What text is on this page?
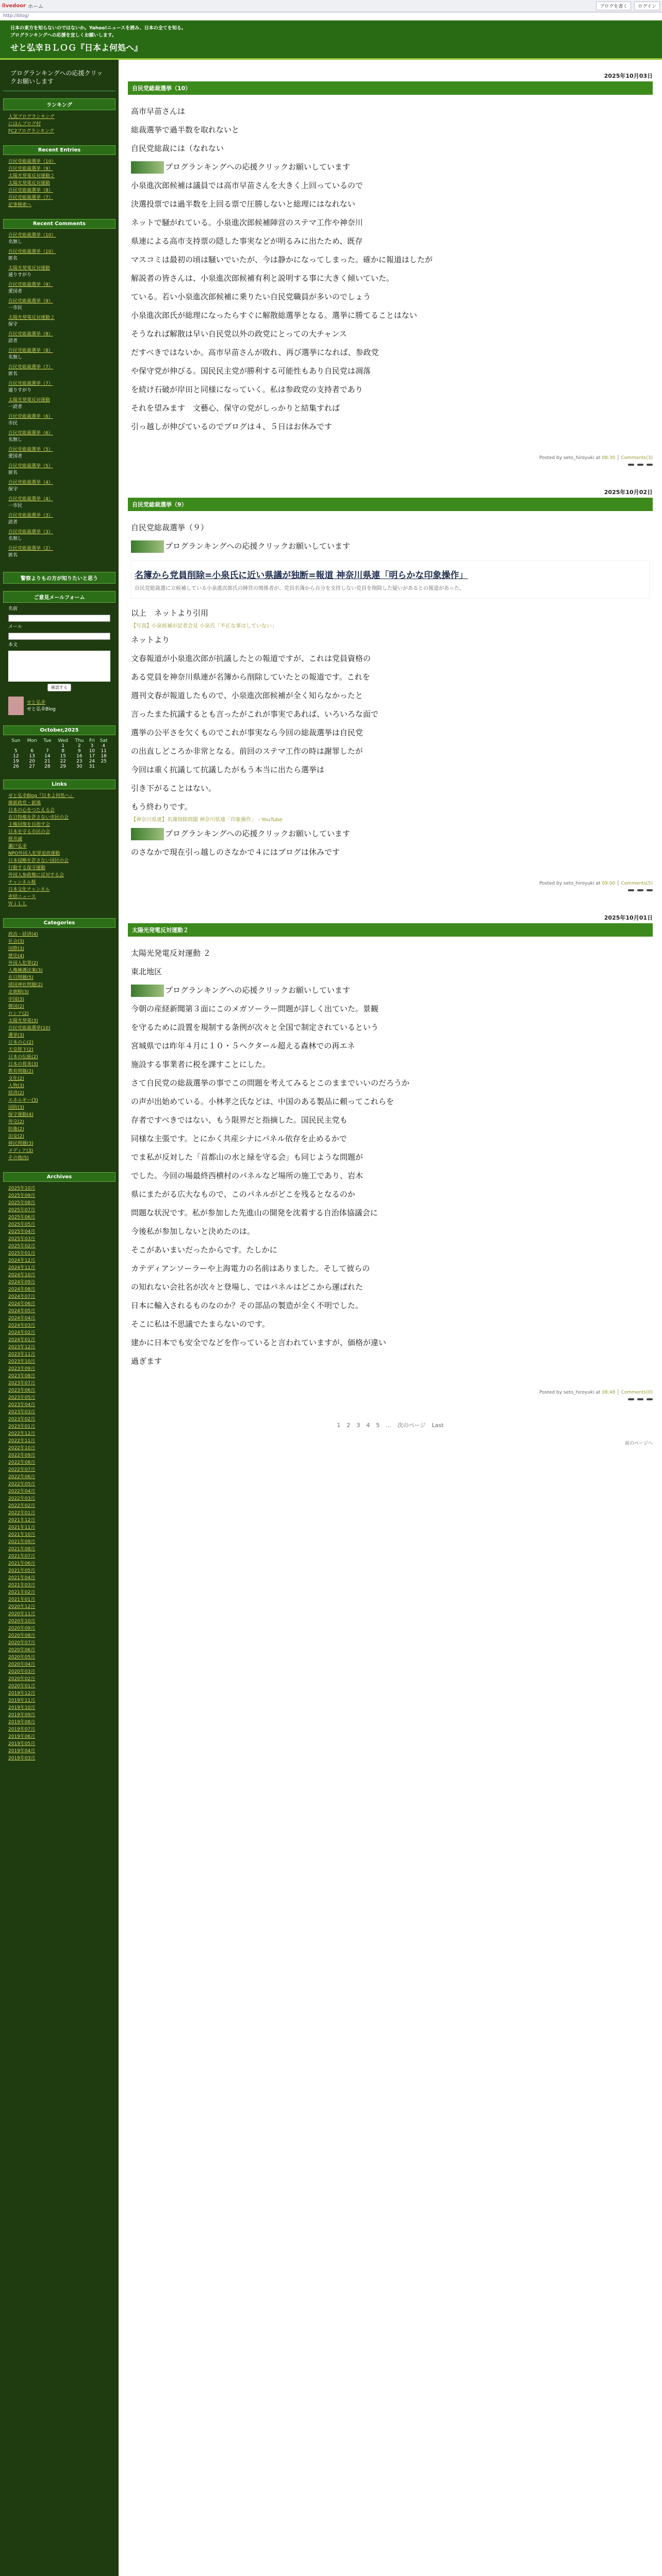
livedoor ホーム	ブログを書く	ログイン
http://blog/
日本の東方を知らないのではないか。Yahoo!ニュースを読み、日本の全てを知る。
ブログランキングへの応援を宜しくお願いします。
せと弘幸ＢＬＯＧ『日本よ何処へ』
ブログランキングへの応援クリックお願いします
ランキング
人気ブログランキング
にほんブログ村
FC2ブログランキング
Recent Entries
自民党総裁選挙（10）
自民党総裁選挙（9）
太陽光発電反対運動２
太陽光発電反対運動
自民党総裁選挙（8）
自民党総裁選挙（7）
記事検索へ
Recent Comments
自民党総裁選挙（10）
名無し
自民党総裁選挙（10）
匿名
太陽光発電反対運動
通りすがり
自民党総裁選挙（9）
愛国者
自民党総裁選挙（9）
一市民
太陽光発電反対運動２
保守
自民党総裁選挙（8）
読者
自民党総裁選挙（8）
名無し
自民党総裁選挙（7）
匿名
自民党総裁選挙（7）
通りすがり
太陽光発電反対運動
一読者
自民党総裁選挙（6）
市民
自民党総裁選挙（6）
名無し
自民党総裁選挙（5）
愛国者
自民党総裁選挙（5）
匿名
自民党総裁選挙（4）
保守
自民党総裁選挙（4）
一市民
自民党総裁選挙（3）
読者
自民党総裁選挙（3）
名無し
自民党総裁選挙（2）
匿名
警察よりもの方が知りたいと思う
ご意見メールフォーム
名前
メール
本文
確認する
せと弘幸
せと弘幸Blog
October,2025
Sun	Mon	Tue	Wed	Thu	Fri	Sat
			1	2	3	4
5	6	7	8	9	10	11
12	13	14	15	16	17	18
19	20	21	22	23	24	25
26	27	28	29	30	31	
Links
せと弘幸Blog『日本よ何処へ』
維新政党・新風
日本の心をつたえる会
在日特権を許さない市民の会
主権回復を目指す会
日本を守る市民の会
桜井誠
瀬戸弘幸
NPO外国人犯罪追放運動
日本侵略を許さない国民の会
行動する保守運動
外国人参政権に反対する会
チャンネル桜
日本文化チャンネル
産経ニュース
ＷｉＬＬ
Categories
政治・経済(4)
社会(3)
国際(3)
歴史(4)
外国人犯罪(2)
人権擁護法案(3)
在日問題(5)
靖国神社問題(2)
北朝鮮(3)
中国(3)
韓国(2)
ロシア(2)
太陽光発電(3)
自民党総裁選挙(10)
選挙(3)
日本の心(2)
天皇陛下(2)
日本の伝統(2)
日本の将来(3)
教育問題(2)
文化(2)
人物(3)
経済(2)
エネルギー(3)
国防(3)
保守運動(4)
外交(2)
防衛(2)
治安(2)
移民問題(3)
メディア(3)
その他(5)
Archives
2025年10月
2025年09月
2025年08月
2025年07月
2025年06月
2025年05月
2025年04月
2025年03月
2025年02月
2025年01月
2024年12月
2024年11月
2024年10月
2024年09月
2024年08月
2024年07月
2024年06月
2024年05月
2024年04月
2024年03月
2024年02月
2024年01月
2023年12月
2023年11月
2023年10月
2023年09月
2023年08月
2023年07月
2023年06月
2023年05月
2023年04月
2023年03月
2023年02月
2023年01月
2022年12月
2022年11月
2022年10月
2022年09月
2022年08月
2022年07月
2022年06月
2022年05月
2022年04月
2022年03月
2022年02月
2022年01月
2021年12月
2021年11月
2021年10月
2021年09月
2021年08月
2021年07月
2021年06月
2021年05月
2021年04月
2021年03月
2021年02月
2021年01月
2020年12月
2020年11月
2020年10月
2020年09月
2020年08月
2020年07月
2020年06月
2020年05月
2020年04月
2020年03月
2020年02月
2020年01月
2019年12月
2019年11月
2019年10月
2019年09月
2019年08月
2019年07月
2019年06月
2019年05月
2019年04月
2019年03月
2025年10月03日
自民党総裁選挙（10）

高市早苗さんは

総裁選挙で過半数を取れないと

自民党総裁には（なれない

プログランキングへの応援クリックお願いしています

小泉進次郎候補は議員では高市早苗さんを大きく上回っているので

決選投票では過半数を上回る票で圧勝しないと総理にはなれない

ネットで騒がれている。小泉進次郎候補陣営のステマ工作や神奈川

県連による高市支持票の隠した事実などが明るみに出たため、既存

マスコミは最初の頃は騒いでいたが、今は静かになってしまった。確かに報道はしたが

解説者の皆さんは、小泉進次郎候補有利と説明する事に大きく傾いていた。

ている。若い小泉進次郎候補に乗りたい自民党職員が多いのでしょう

小泉進次郎氏が総理になったらすぐに解散総選挙となる。選挙に勝てることはない

そうなれば解散は早い自民党以外の政党にとっての大チャンス

だすべきではないか。高市早苗さんが敗れ、再び選挙になれば、参政党

や保守党が伸びる。国民民主党が勝利する可能性もあり自民党は凋落

を続け石破が岸田と同様になっていく。私は参政党の支持者であり

それを望みます　文藝心、保守の党がしっかりと結集すれば

引っ越しが伸びているのでブログは４、５日はお休みです

Posted by seto_hiroyuki at 08:30 │ Comments(3)
2025年10月02日
自民党総裁選挙（9）

自民党総裁選挙（９）

プログランキングへの応援クリックお願いしています

名簿から党員削除=小泉氏に近い県議が独断=報道 神奈川県連「明らかな印象操作」
自民党総裁選に立候補している小泉進次郎氏の陣営の関係者が、党員名簿から自分を支持しない党員を削除した疑いがあるとの報道があった。

以上　ネットより引用

【写真】小泉候補が記者会見 小泉氏「不正な事はしていない」

ネットより

文春報道が小泉進次郎が抗議したとの報道ですが、これは党員資格の

ある党員を神奈川県連が名簿から削除していたとの報道です。これを

週刊文春が報道したもので、小泉進次郎候補が全く知らなかったと

言ったまた抗議するとも言ったがこれが事実であれば、いろいろな面で

選挙の公平さを欠くものでこれが事実なら今回の総裁選挙は自民党

の出直しどころか非常となる。前回のステマ工作の時は謝罪したが

今回は重く抗議して抗議したがもう本当に出たら選挙は

引き下がることはない。

もう終わりです。

【神奈川県連】名簿削除問題 神奈川県連「印象操作」 - YouTube

プログランキングへの応援クリックお願いしています

のさなかで現在引っ越しのさなかで４にはブログは休みです

Posted by seto_hiroyuki at 09:00 │ Comments(5)
2025年10月01日
太陽光発電反対運動２

太陽光発電反対運動 ２

東北地区

プログランキングへの応援クリックお願いしています

今朝の産経新聞第３面にこのメガソーラー問題が詳しく出ていた。景観

を守るために設置を規制する条例が次々と全国で制定されているという

宮城県では昨年４月に１０・５ヘクタール超える森林での再エネ

施設する事業者に税を課すことにした。

さて自民党の総裁選挙の事でこの問題を考えてみるとこのままでいいのだろうか

の声が出始めている。小林孝之氏などは、中国のある製品に頼ってこれらを

存者ですべきではない、もう限界だと指摘した。国民民主党も

同様な主張です。とにかく共産シナにパネル依存を止めるかで

でま私が反対した「首都山の水と緑を守る会」も同じような問題が

でした。今回の場最終西横村のパネルなど場所の施工であり、岩木

県にまたがる広大なもので、このパネルがどこを残るとなるのか

問題な状況です。私が参加した先進山の開発を沈着する自治体協議会に

今後私が参加しないと決めたのは。

そこがあいまいだったからです。たしかに

カテディアンソーラーや上海電力の名前はありました。そして彼らの

の知れない会社名が次々と登場し、ではパネルはどこから運ばれた

日本に輸入されるものなのか？その部品の製造が全く不明でした。

そこに私は不思議でたまらないのです。

建かに日本でも安全でなどを作っていると言われていますが、価格が違い

過ぎます

Posted by seto_hiroyuki at 08:48 │ Comments(0)
1 2 3 4 5 ... 次のページ Last
前のページへ
